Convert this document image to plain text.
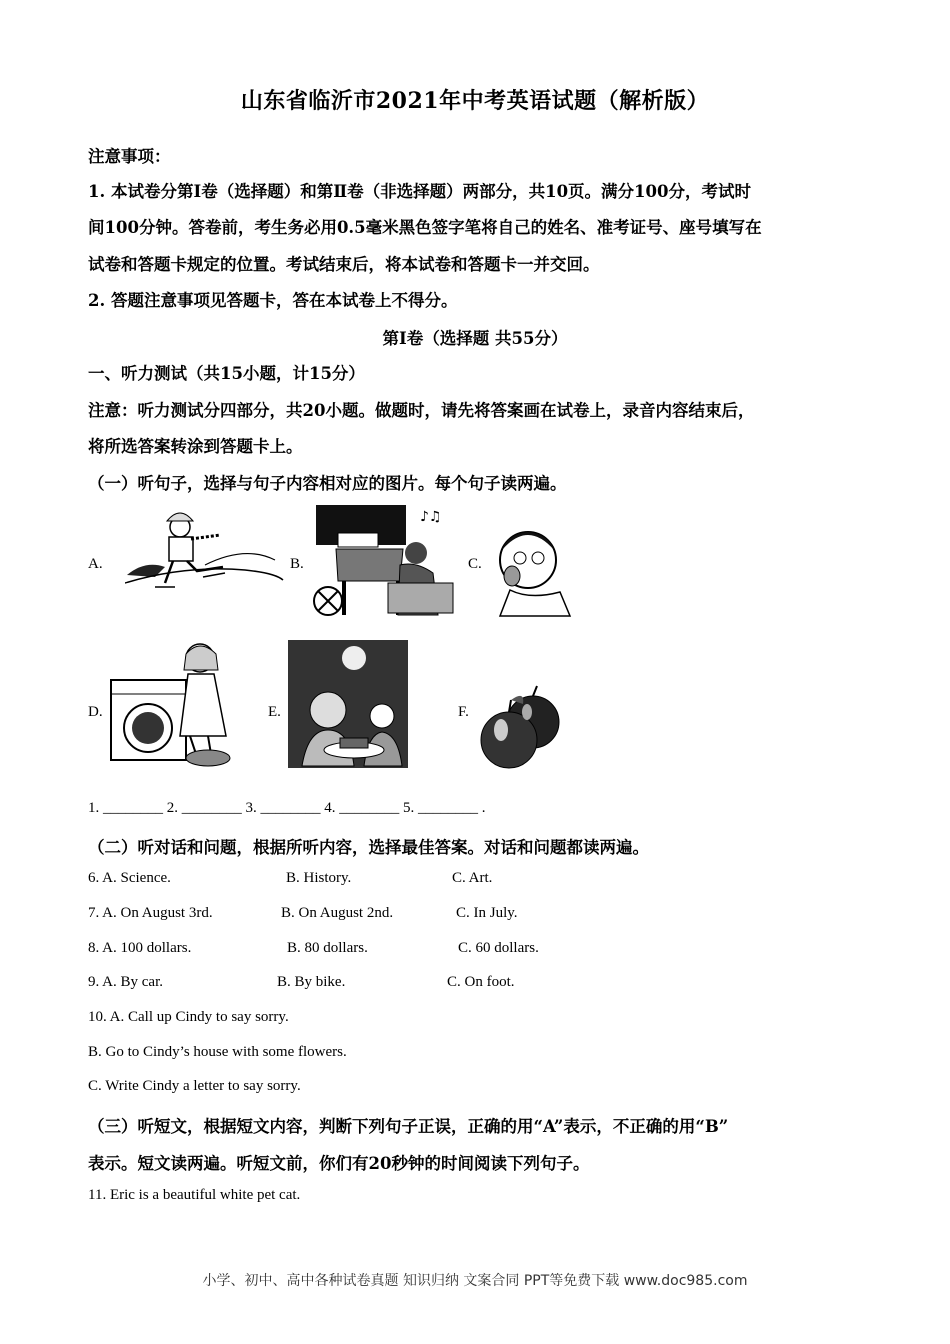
山东省临沂市2021年中考英语试题（解析版）
注意事项：
1. 本试卷分第Ⅰ卷（选择题）和第Ⅱ卷（非选择题）两部分，共10页。满分100分，考试时
间100分钟。答卷前，考生务必用0.5毫米黑色签字笔将自己的姓名、准考证号、座号填写在
试卷和答题卡规定的位置。考试结束后，将本试卷和答题卡一并交回。
2. 答题注意事项见答题卡，答在本试卷上不得分。
第I卷（选择题 共55分）
一、听力测试（共15小题，计15分）
注意：听力测试分四部分，共20小题。做题时，请先将答案画在试卷上，录音内容结束后，
将所选答案转涂到答题卡上。
（一）听句子，选择与句子内容相对应的图片。每个句子读两遍。
A.	B.
♪♫
C.
D.	E.	F.
1. ________ 2. ________ 3. ________ 4. ________ 5. ________ .
（二）听对话和问题，根据所听内容，选择最佳答案。对话和问题都读两遍。
6. A. Science.	B. History.	C. Art.
7. A. On August 3rd.	B. On August 2nd.	C. In July.
8. A. 100 dollars.	B. 80 dollars.	C. 60 dollars.
9. A. By car.	B. By bike.	C. On foot.
10. A. Call up Cindy to say sorry.
B. Go to Cindy’s house with some flowers.
C. Write Cindy a letter to say sorry.
（三）听短文，根据短文内容，判断下列句子正误，正确的用“A”表示，不正确的用“B”
表示。短文读两遍。听短文前，你们有20秒钟的时间阅读下列句子。
11. Eric is a beautiful white pet cat.
小学、初中、高中各种试卷真题 知识归纳 文案合同 PPT等免费下载 www.doc985.com
